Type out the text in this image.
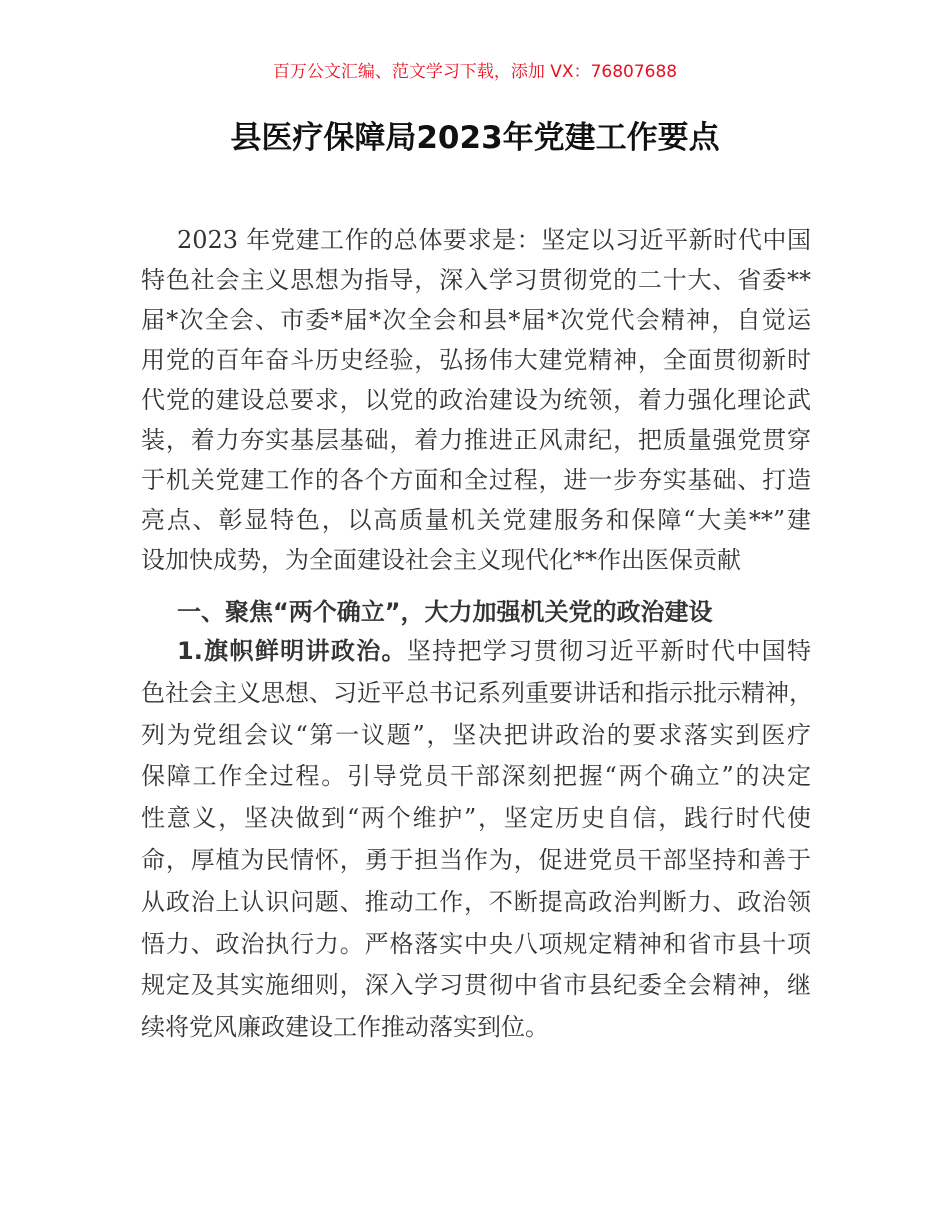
百万公文汇编、范文学习下载，添加 VX：76807688
县医疗保障局2023年党建工作要点
2023 年党建工作的总体要求是：坚定以习近平新时代中国
特色社会主义思想为指导，深入学习贯彻党的二十大、省委**
届*次全会、市委*届*次全会和县*届*次党代会精神，自觉运
用党的百年奋斗历史经验，弘扬伟大建党精神，全面贯彻新时
代党的建设总要求，以党的政治建设为统领，着力强化理论武
装，着力夯实基层基础，着力推进正风肃纪，把质量强党贯穿
于机关党建工作的各个方面和全过程，进一步夯实基础、打造
亮点、彰显特色，以高质量机关党建服务和保障“大美**”建
设加快成势，为全面建设社会主义现代化**作出医保贡献
一、聚焦“两个确立”，大力加强机关党的政治建设
1.旗帜鲜明讲政治。坚持把学习贯彻习近平新时代中国特
色社会主义思想、习近平总书记系列重要讲话和指示批示精神，
列为党组会议“第一议题”，坚决把讲政治的要求落实到医疗
保障工作全过程。引导党员干部深刻把握“两个确立”的决定
性意义，坚决做到“两个维护”，坚定历史自信，践行时代使
命，厚植为民情怀，勇于担当作为，促进党员干部坚持和善于
从政治上认识问题、推动工作，不断提高政治判断力、政治领
悟力、政治执行力。严格落实中央八项规定精神和省市县十项
规定及其实施细则，深入学习贯彻中省市县纪委全会精神，继
续将党风廉政建设工作推动落实到位。
